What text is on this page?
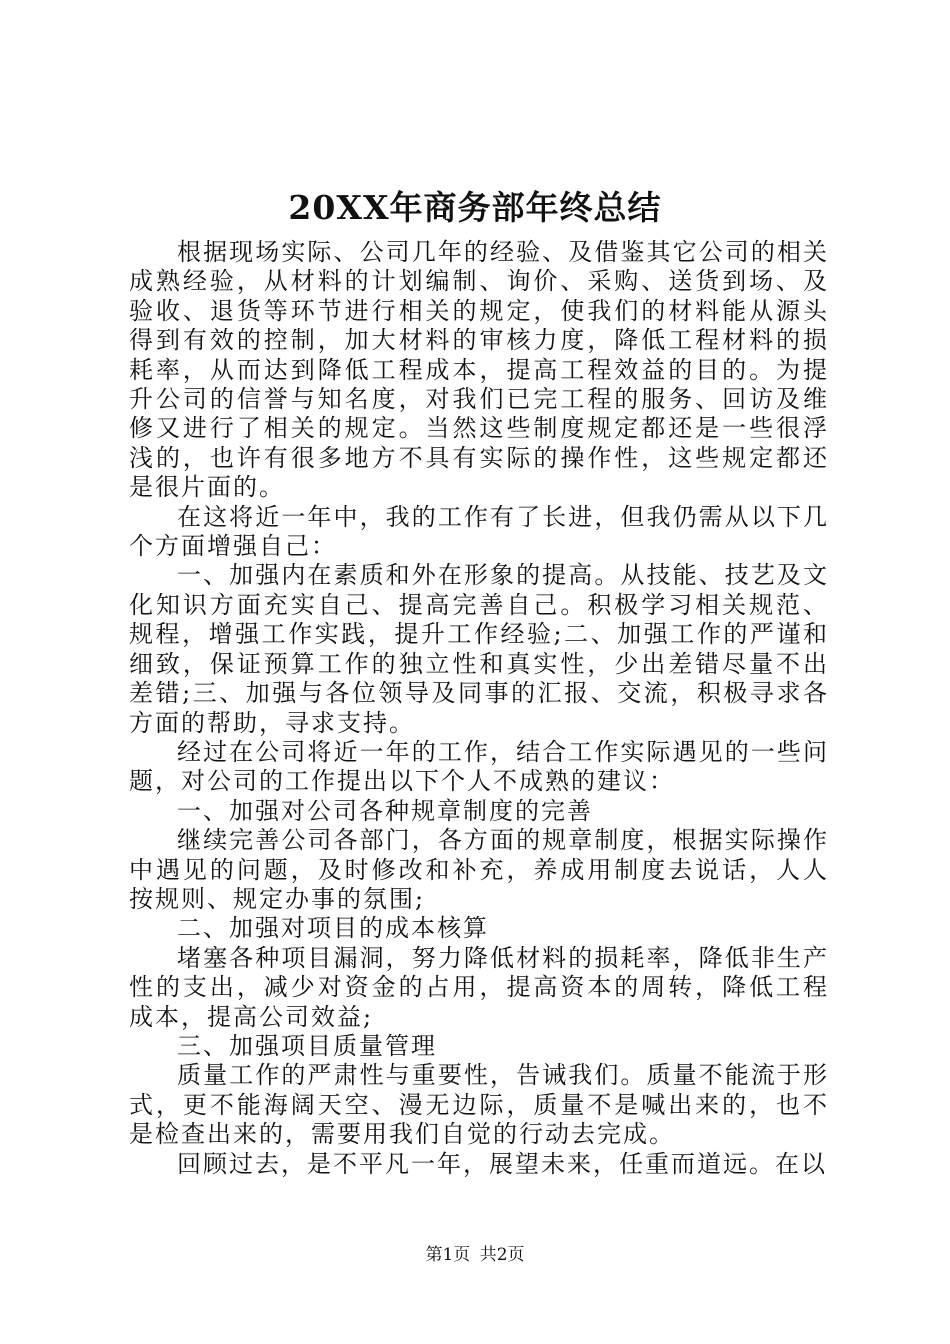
20XX年商务部年终总结

根据现场实际、公司几年的经验、及借鉴其它公司的相关成熟经验，从材料的计划编制、询价、采购、送货到场、及验收、退货等环节进行相关的规定，使我们的材料能从源头得到有效的控制，加大材料的审核力度，降低工程材料的损耗率，从而达到降低工程成本，提高工程效益的目的。为提升公司的信誉与知名度，对我们已完工程的服务、回访及维修又进行了相关的规定。当然这些制度规定都还是一些很浮浅的，也许有很多地方不具有实际的操作性，这些规定都还是很片面的。

在这将近一年中，我的工作有了长进，但我仍需从以下几个方面增强自己：

一、加强内在素质和外在形象的提高。从技能、技艺及文化知识方面充实自己、提高完善自己。积极学习相关规范、规程，增强工作实践，提升工作经验;二、加强工作的严谨和细致，保证预算工作的独立性和真实性，少出差错尽量不出差错;三、加强与各位领导及同事的汇报、交流，积极寻求各方面的帮助，寻求支持。

经过在公司将近一年的工作，结合工作实际遇见的一些问题，对公司的工作提出以下个人不成熟的建议：

一、加强对公司各种规章制度的完善

继续完善公司各部门，各方面的规章制度，根据实际操作中遇见的问题，及时修改和补充，养成用制度去说话，人人按规则、规定办事的氛围;

二、加强对项目的成本核算

堵塞各种项目漏洞，努力降低材料的损耗率，降低非生产性的支出，减少对资金的占用，提高资本的周转，降低工程成本，提高公司效益;

三、加强项目质量管理

质量工作的严肃性与重要性，告诫我们。质量不能流于形式，更不能海阔天空、漫无边际，质量不是喊出来的，也不是检查出来的，需要用我们自觉的行动去完成。

回顾过去，是不平凡一年，展望未来，任重而道远。在以

第1页 共2页
